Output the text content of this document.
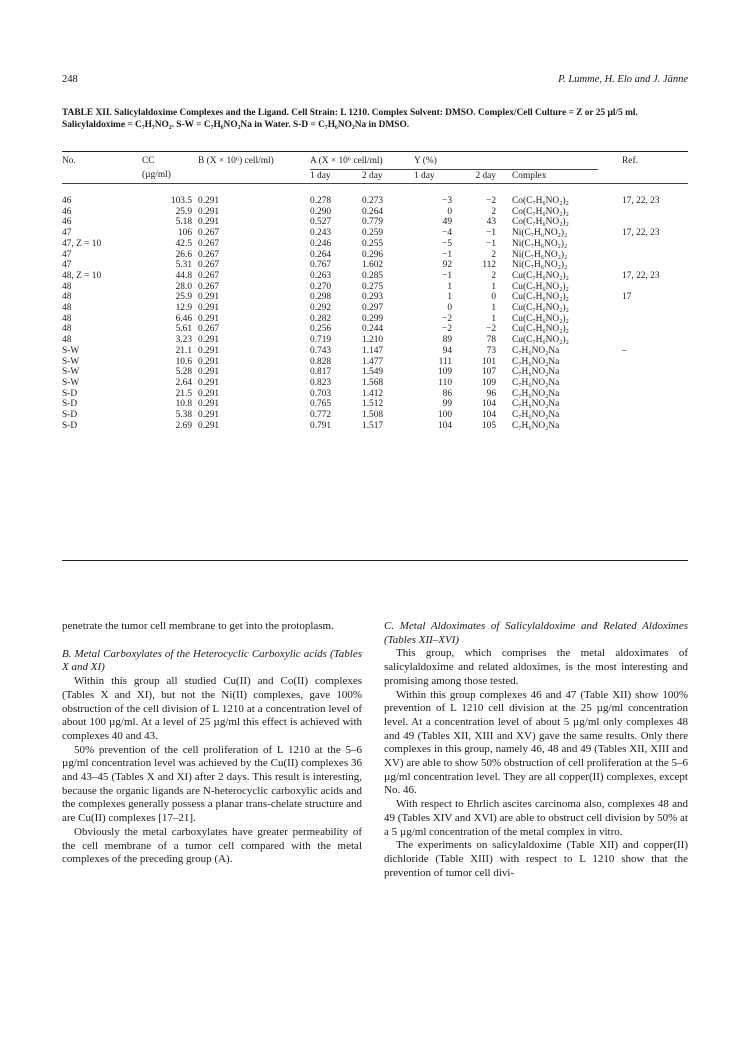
248	P. Lumme, H. Elo and J. Jänne
TABLE XII. Salicylaldoxime Complexes and the Ligand. Cell Strain: L 1210. Complex Solvent: DMSO. Complex/Cell Culture = Z or 25 µl/5 ml. Salicylaldoxime = C₇H₇NO₂. S-W = C₇H₆NO₂Na in Water. S-D = C₇H₆NO₂Na in DMSO.
No.	CC	B (X × 10⁶) cell/ml)	A (X × 10⁶ cell/ml)		Y (%)			Ref.
	(µg/ml)		1 day	2 day	1 day	2 day	Complex	
46	103.5	0.291	0.278	0.273	−3	−2	Co(C₇H₆NO₂)₂	17, 22, 23
46	25.9	0.291	0.290	0.264	0	2	Co(C₇H₆NO₂)₂	
46	5.18	0.291	0.527	0.779	49	43	Co(C₇H₆NO₂)₂	
47	106	0.267	0.243	0.259	−4	−1	Ni(C₇H₆NO₂)₂	17, 22, 23
47, Z = 10	42.5	0.267	0.246	0.255	−5	−1	Ni(C₇H₆NO₂)₂	
47	26.6	0.267	0.264	0.296	−1	2	Ni(C₇H₆NO₂)₂	
47	5.31	0.267	0.767	1.602	92	112	Ni(C₇H₆NO₂)₂	
48, Z = 10	44.8	0.267	0.263	0.285	−1	2	Cu(C₇H₆NO₂)₂	17, 22, 23
48	28.0	0.267	0.270	0.275	1	1	Cu(C₇H₆NO₂)₂	
48	25.9	0.291	0.298	0.293	1	0	Cu(C₇H₆NO₂)₂	17
48	12.9	0.291	0.292	0.297	0	1	Cu(C₇H₆NO₂)₂	
48	6.46	0.291	0.282	0.299	−2	1	Cu(C₇H₆NO₂)₂	
48	5.61	0.267	0.256	0.244	−2	−2	Cu(C₇H₆NO₂)₂	
48	3.23	0.291	0.719	1.210	89	78	Cu(C₇H₆NO₂)₂	
S-W	21.1	0.291	0.743	1.147	94	73	C₇H₆NO₂Na	–
S-W	10.6	0.291	0.828	1.477	111	101	C₇H₆NO₂Na	
S-W	5.28	0.291	0.817	1.549	109	107	C₇H₆NO₂Na	
S-W	2.64	0.291	0.823	1.568	110	109	C₇H₆NO₂Na	
S-D	21.5	0.291	0.703	1.412	86	96	C₇H₆NO₂Na	
S-D	10.8	0.291	0.765	1.512	99	104	C₇H₆NO₂Na	
S-D	5.38	0.291	0.772	1.508	100	104	C₇H₆NO₂Na	
S-D	2.69	0.291	0.791	1.517	104	105	C₇H₆NO₂Na	

penetrate the tumor cell membrane to get into the protoplasm.

B. Metal Carboxylates of the Heterocyclic Carboxylic acids (Tables X and XI)

Within this group all studied Cu(II) and Co(II) complexes (Tables X and XI), but not the Ni(II) complexes, gave 100% obstruction of the cell division of L 1210 at a concentration level of about 100 µg/ml. At a level of 25 µg/ml this effect is achieved with complexes 40 and 43.

50% prevention of the cell proliferation of L 1210 at the 5–6 µg/ml concentration level was achieved by the Cu(II) complexes 36 and 43–45 (Tables X and XI) after 2 days. This result is interesting, because the organic ligands are N-heterocyclic carboxylic acids and the complexes generally possess a planar trans-chelate structure and are Cu(II) complexes [17–21].

Obviously the metal carboxylates have greater permeability of the cell membrane of a tumor cell compared with the metal complexes of the preceding group (A).

C. Metal Aldoximates of Salicylaldoxime and Related Aldoximes (Tables XII–XVI)

This group, which comprises the metal aldoximates of salicylaldoxime and related aldoximes, is the most interesting and promising among those tested.

Within this group complexes 46 and 47 (Table XII) show 100% prevention of L 1210 cell division at the 25 µg/ml concentration level. At a concentration level of about 5 µg/ml only complexes 48 and 49 (Tables XII, XIII and XV) gave the same results. Only there complexes in this group, namely 46, 48 and 49 (Tables XII, XIII and XV) are able to show 50% obstruction of cell proliferation at the 5–6 µg/ml concentration level. They are all copper(II) complexes, except No. 46.

With respect to Ehrlich ascites carcinoma also, complexes 48 and 49 (Tables XIV and XVI) are able to obstruct cell division by 50% at a 5 µg/ml concentration of the metal complex in vitro.

The experiments on salicylaldoxime (Table XII) and copper(II) dichloride (Table XIII) with respect to L 1210 show that the prevention of tumor cell divi-
